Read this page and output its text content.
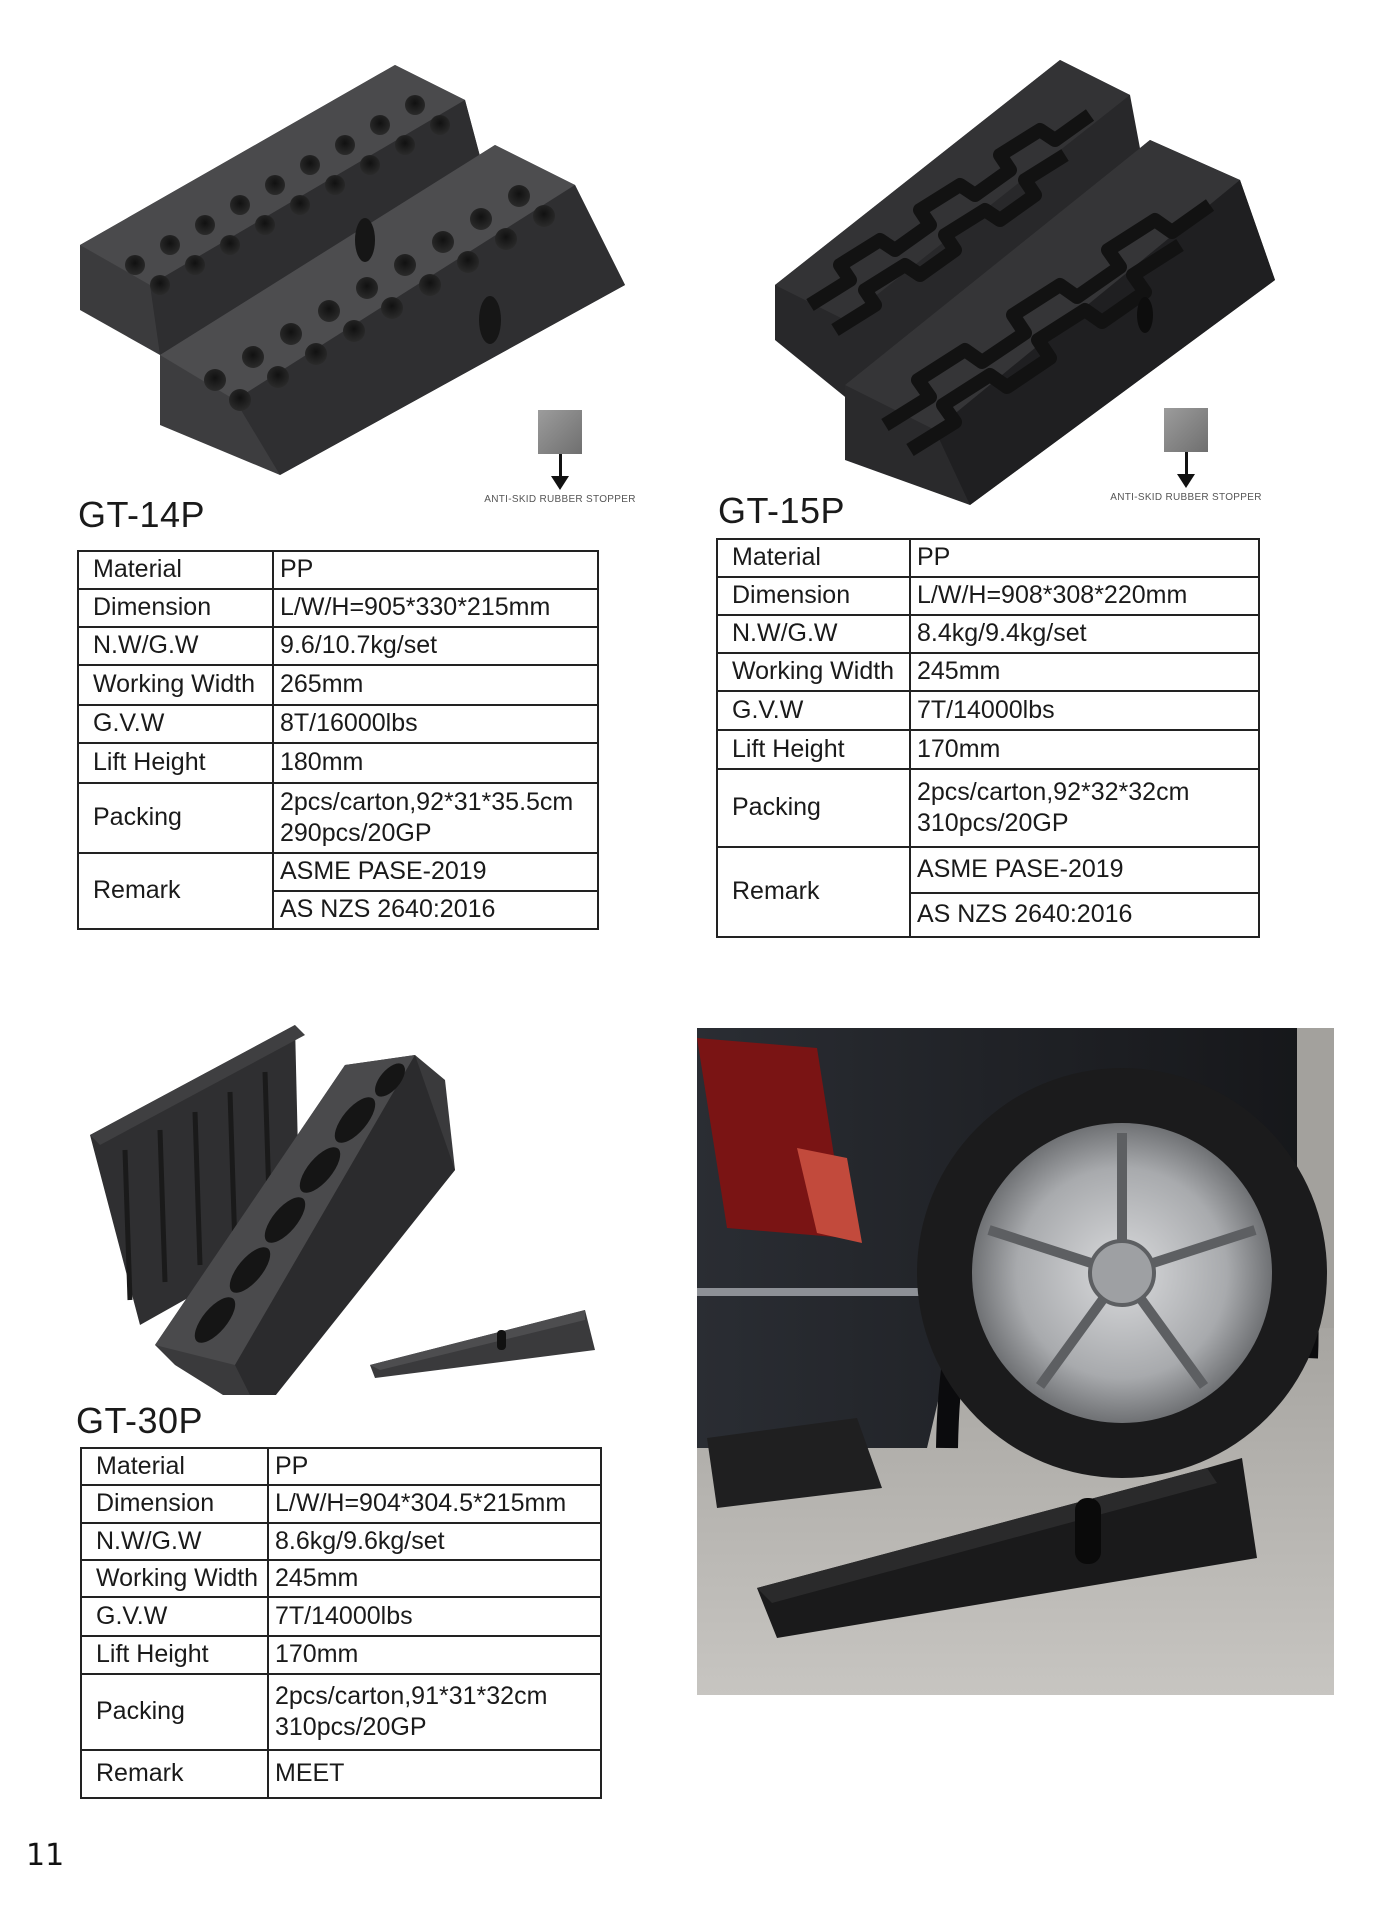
ANTI-SKID RUBBER STOPPER
GT-14P
Material	PP
Dimension	L/W/H=905*330*215mm
N.W/G.W	9.6/10.7kg/set
Working Width	265mm
G.V.W	8T/16000lbs
Lift Height	180mm
Packing	2pcs/carton,92*31*35.5cm
290pcs/20GP

Remark	ASME PASE-2019
	AS NZS 2640:2016
ANTI-SKID RUBBER STOPPER
GT-15P
Material	PP
Dimension	L/W/H=908*308*220mm
N.W/G.W	8.4kg/9.4kg/set
Working Width	245mm
G.V.W	7T/14000lbs
Lift Height	170mm
Packing	2pcs/carton,92*32*32cm
310pcs/20GP

Remark	ASME PASE-2019
	AS NZS 2640:2016
GT-30P
Material	PP
Dimension	L/W/H=904*304.5*215mm
N.W/G.W	8.6kg/9.6kg/set
Working Width	245mm
G.V.W	7T/14000lbs
Lift Height	170mm
Packing	2pcs/carton,91*31*32cm
310pcs/20GP

Remark	MEET
11
